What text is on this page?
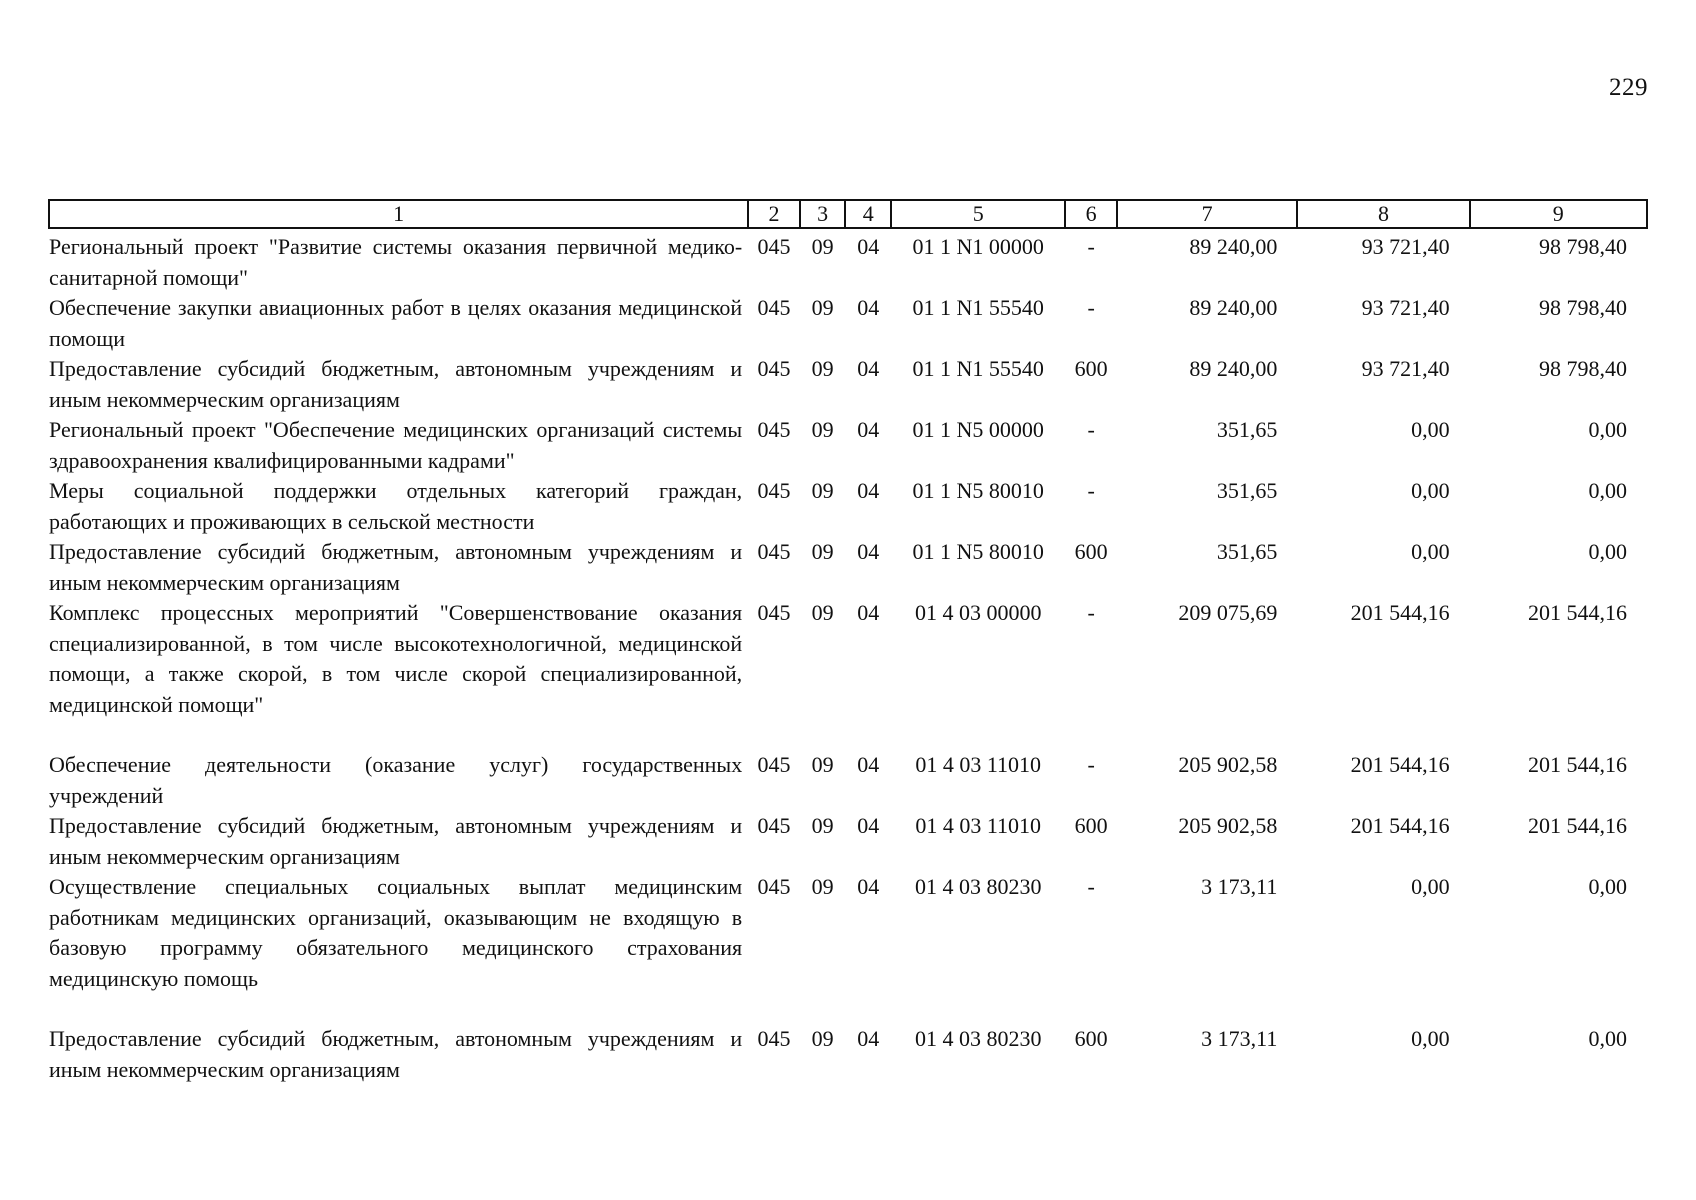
229
1	2	3	4	5	6	7	8	9
Региональный проект "Развитие системы оказания первичной медико-санитарной помощи"	045	09	04	01 1 N1 00000	-	89 240,00	93 721,40	98 798,40
Обеспечение закупки авиационных работ в целях оказания медицинской помощи	045	09	04	01 1 N1 55540	-	89 240,00	93 721,40	98 798,40
Предоставление субсидий бюджетным, автономным учреждениям и иным некоммерческим организациям	045	09	04	01 1 N1 55540	600	89 240,00	93 721,40	98 798,40
Региональный проект "Обеспечение медицинских организаций системы здравоохранения квалифицированными кадрами"	045	09	04	01 1 N5 00000	-	351,65	0,00	0,00
Меры социальной поддержки отдельных категорий граждан, работающих и проживающих в сельской местности	045	09	04	01 1 N5 80010	-	351,65	0,00	0,00
Предоставление субсидий бюджетным, автономным учреждениям и иным некоммерческим организациям	045	09	04	01 1 N5 80010	600	351,65	0,00	0,00
Комплекс процессных мероприятий "Совершенствование оказания специализированной, в том числе высокотехнологичной, медицинской помощи, а также скорой, в том числе скорой специализированной, медицинской помощи"	045	09	04	01 4 03 00000	-	209 075,69	201 544,16	201 544,16
Обеспечение деятельности (оказание услуг) государственных учреждений	045	09	04	01 4 03 11010	-	205 902,58	201 544,16	201 544,16
Предоставление субсидий бюджетным, автономным учреждениям и иным некоммерческим организациям	045	09	04	01 4 03 11010	600	205 902,58	201 544,16	201 544,16
Осуществление специальных социальных выплат медицинским работникам медицинских организаций, оказывающим не входящую в базовую программу обязательного медицинского страхования медицинскую помощь	045	09	04	01 4 03 80230	-	3 173,11	0,00	0,00
Предоставление субсидий бюджетным, автономным учреждениям и иным некоммерческим организациям	045	09	04	01 4 03 80230	600	3 173,11	0,00	0,00
